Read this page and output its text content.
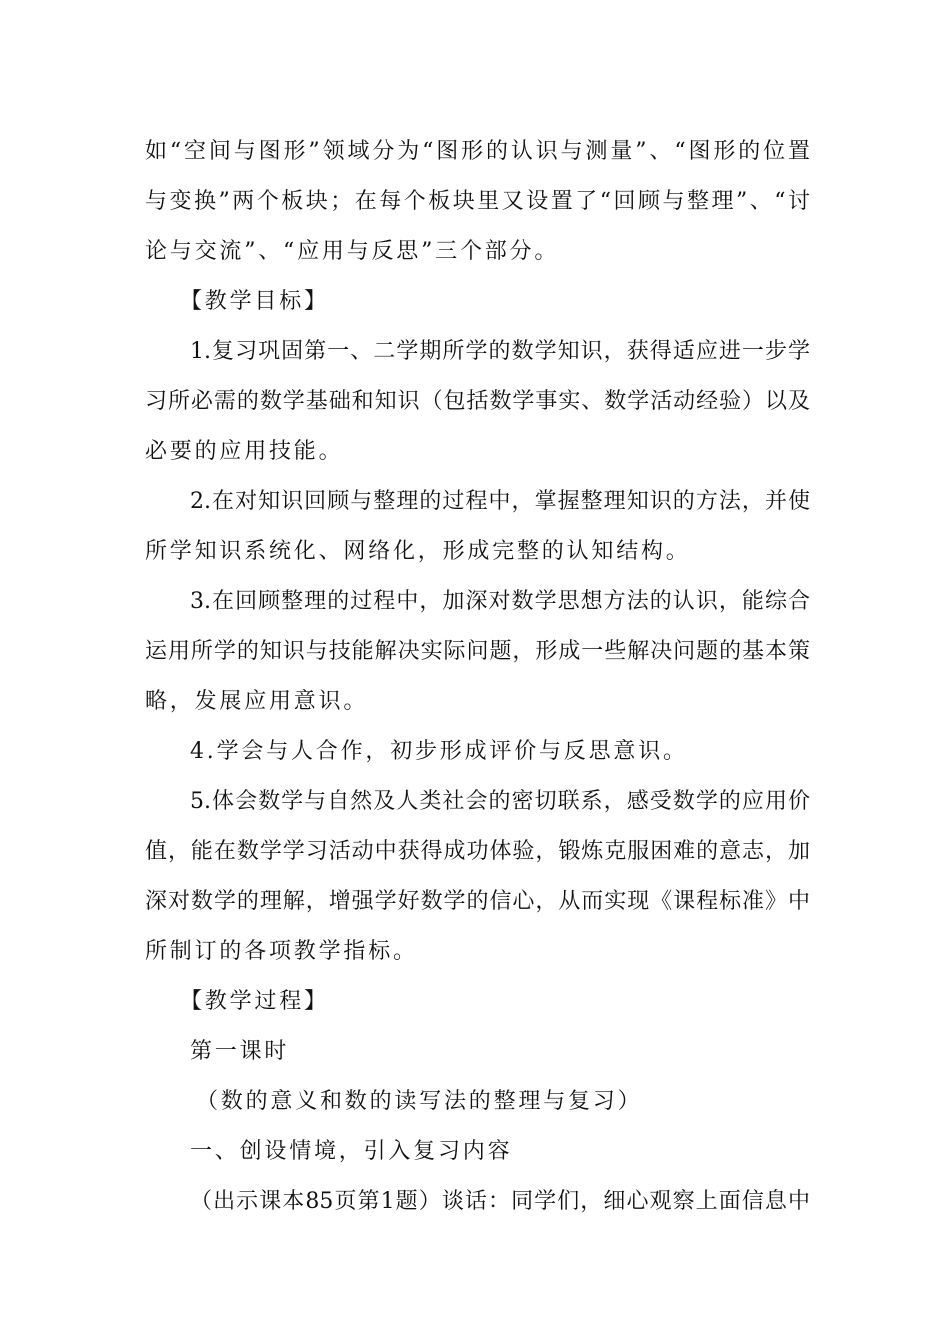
如“空间与图形”领域分为“图形的认识与测量”、“图形的位置
与变换”两个板块；在每个板块里又设置了“回顾与整理”、“讨
论与交流”、“应用与反思”三个部分。
【教学目标】
1.复习巩固第一、二学期所学的数学知识，获得适应进一步学
习所必需的数学基础和知识（包括数学事实、数学活动经验）以及
必要的应用技能。
2.在对知识回顾与整理的过程中，掌握整理知识的方法，并使
所学知识系统化、网络化，形成完整的认知结构。
3.在回顾整理的过程中，加深对数学思想方法的认识，能综合
运用所学的知识与技能解决实际问题，形成一些解决问题的基本策
略，发展应用意识。
4.学会与人合作，初步形成评价与反思意识。
5.体会数学与自然及人类社会的密切联系，感受数学的应用价
值，能在数学学习活动中获得成功体验，锻炼克服困难的意志，加
深对数学的理解，增强学好数学的信心，从而实现《课程标准》中
所制订的各项教学指标。
【教学过程】
第一课时
（数的意义和数的读写法的整理与复习）
一、创设情境，引入复习内容
（出示课本85页第1题）谈话：同学们，细心观察上面信息中
